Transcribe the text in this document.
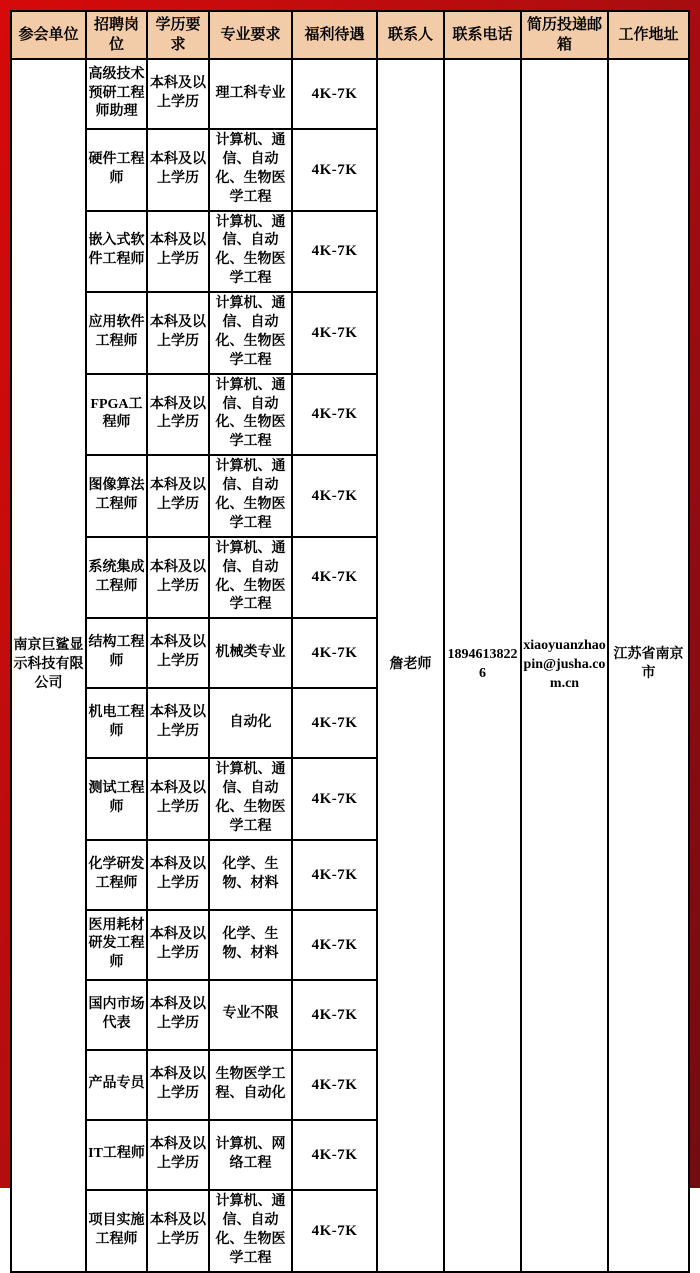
参会单位	招聘岗位	学历要求	专业要求	福利待遇	联系人	联系电话	简历投递邮箱	工作地址
南京巨鲨显示科技有限公司	高级技术预研工程师助理	本科及以上学历	理工科专业	4K-7K	詹老师	18946138226	xiaoyuanzhaopin@jusha.com.cn	江苏省南京市
	硬件工程师	本科及以上学历	计算机、通信、自动化、生物医学工程	4K-7K				
	嵌入式软件工程师	本科及以上学历	计算机、通信、自动化、生物医学工程	4K-7K				
	应用软件工程师	本科及以上学历	计算机、通信、自动化、生物医学工程	4K-7K				
	FPGA工程师	本科及以上学历	计算机、通信、自动化、生物医学工程	4K-7K				
	图像算法工程师	本科及以上学历	计算机、通信、自动化、生物医学工程	4K-7K				
	系统集成工程师	本科及以上学历	计算机、通信、自动化、生物医学工程	4K-7K				
	结构工程师	本科及以上学历	机械类专业	4K-7K				
	机电工程师	本科及以上学历	自动化	4K-7K				
	测试工程师	本科及以上学历	计算机、通信、自动化、生物医学工程	4K-7K				
	化学研发工程师	本科及以上学历	化学、生物、材料	4K-7K				
	医用耗材研发工程师	本科及以上学历	化学、生物、材料	4K-7K				
	国内市场代表	本科及以上学历	专业不限	4K-7K				
	产品专员	本科及以上学历	生物医学工程、自动化	4K-7K				
	IT工程师	本科及以上学历	计算机、网络工程	4K-7K				
	项目实施工程师	本科及以上学历	计算机、通信、自动化、生物医学工程	4K-7K				
